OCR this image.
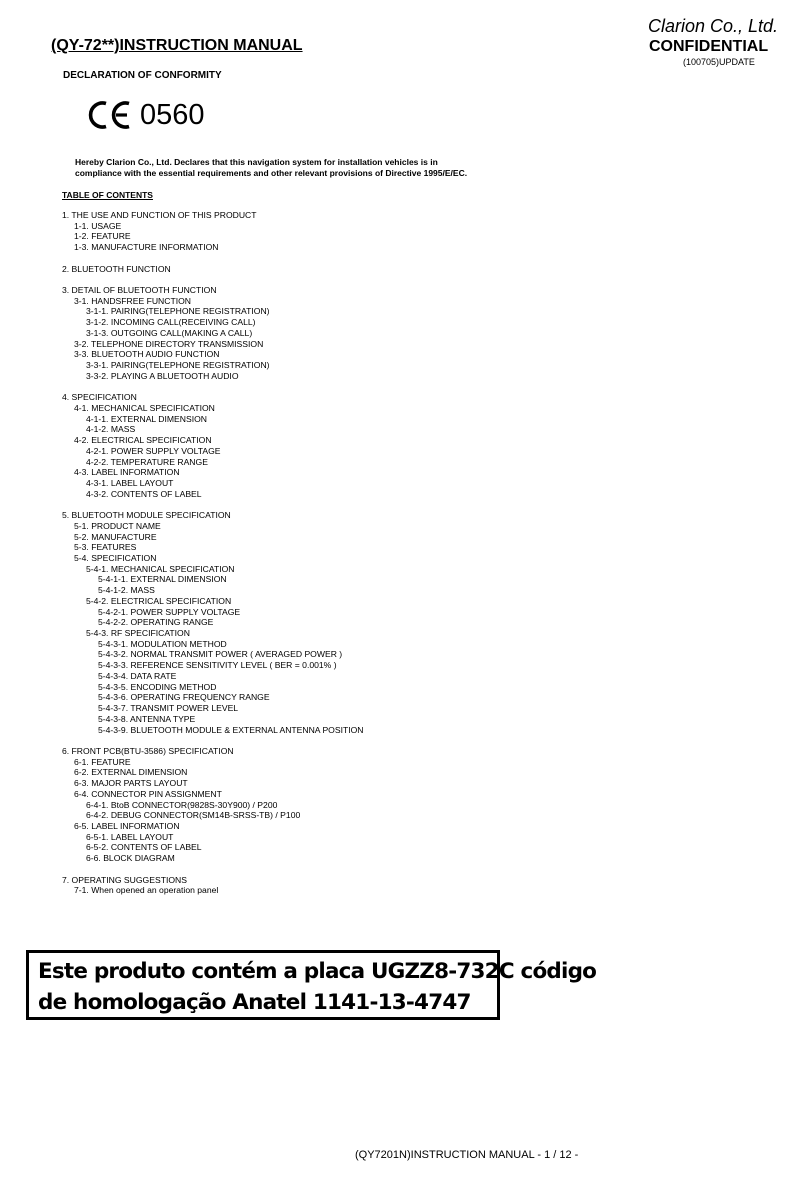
Clarion Co., Ltd.
CONFIDENTIAL
(100705)UPDATE
(QY-72**)INSTRUCTION MANUAL
DECLARATION OF CONFORMITY
0560
Hereby Clarion Co., Ltd. Declares that this navigation system for installation vehicles is in
compliance with the essential requirements and other relevant provisions of Directive 1995/E/EC.
TABLE OF CONTENTS
1. THE USE AND FUNCTION OF THIS PRODUCT
1-1. USAGE
1-2. FEATURE
1-3. MANUFACTURE INFORMATION
2. BLUETOOTH FUNCTION
3. DETAIL OF BLUETOOTH FUNCTION
3-1. HANDSFREE FUNCTION
3-1-1. PAIRING(TELEPHONE REGISTRATION)
3-1-2. INCOMING CALL(RECEIVING CALL)
3-1-3. OUTGOING CALL(MAKING A CALL)
3-2. TELEPHONE DIRECTORY TRANSMISSION
3-3. BLUETOOTH AUDIO FUNCTION
3-3-1. PAIRING(TELEPHONE REGISTRATION)
3-3-2. PLAYING A BLUETOOTH AUDIO
4. SPECIFICATION
4-1. MECHANICAL SPECIFICATION
4-1-1. EXTERNAL DIMENSION
4-1-2. MASS
4-2. ELECTRICAL SPECIFICATION
4-2-1. POWER SUPPLY VOLTAGE
4-2-2. TEMPERATURE RANGE
4-3. LABEL INFORMATION
4-3-1. LABEL LAYOUT
4-3-2. CONTENTS OF LABEL
5. BLUETOOTH MODULE SPECIFICATION
5-1. PRODUCT NAME
5-2. MANUFACTURE
5-3. FEATURES
5-4. SPECIFICATION
5-4-1. MECHANICAL SPECIFICATION
5-4-1-1. EXTERNAL DIMENSION
5-4-1-2. MASS
5-4-2. ELECTRICAL SPECIFICATION
5-4-2-1. POWER SUPPLY VOLTAGE
5-4-2-2. OPERATING RANGE
5-4-3. RF SPECIFICATION
5-4-3-1. MODULATION METHOD
5-4-3-2. NORMAL TRANSMIT POWER ( AVERAGED POWER )
5-4-3-3. REFERENCE SENSITIVITY LEVEL ( BER = 0.001% )
5-4-3-4. DATA RATE
5-4-3-5. ENCODING METHOD
5-4-3-6. OPERATING FREQUENCY RANGE
5-4-3-7. TRANSMIT POWER LEVEL
5-4-3-8. ANTENNA TYPE
5-4-3-9. BLUETOOTH MODULE & EXTERNAL ANTENNA POSITION
6. FRONT PCB(BTU-3586) SPECIFICATION
6-1. FEATURE
6-2. EXTERNAL DIMENSION
6-3. MAJOR PARTS LAYOUT
6-4. CONNECTOR PIN ASSIGNMENT
6-4-1. BtoB CONNECTOR(9828S-30Y900) / P200
6-4-2. DEBUG CONNECTOR(SM14B-SRSS-TB) / P100
6-5. LABEL INFORMATION
6-5-1. LABEL LAYOUT
6-5-2. CONTENTS OF LABEL
6-6. BLOCK DIAGRAM
7. OPERATING SUGGESTIONS
7-1. When opened an operation panel
Este produto contém a placa UGZZ8-732C código
de homologação Anatel 1141-13-4747
(QY7201N)INSTRUCTION MANUAL - 1 / 12 -
